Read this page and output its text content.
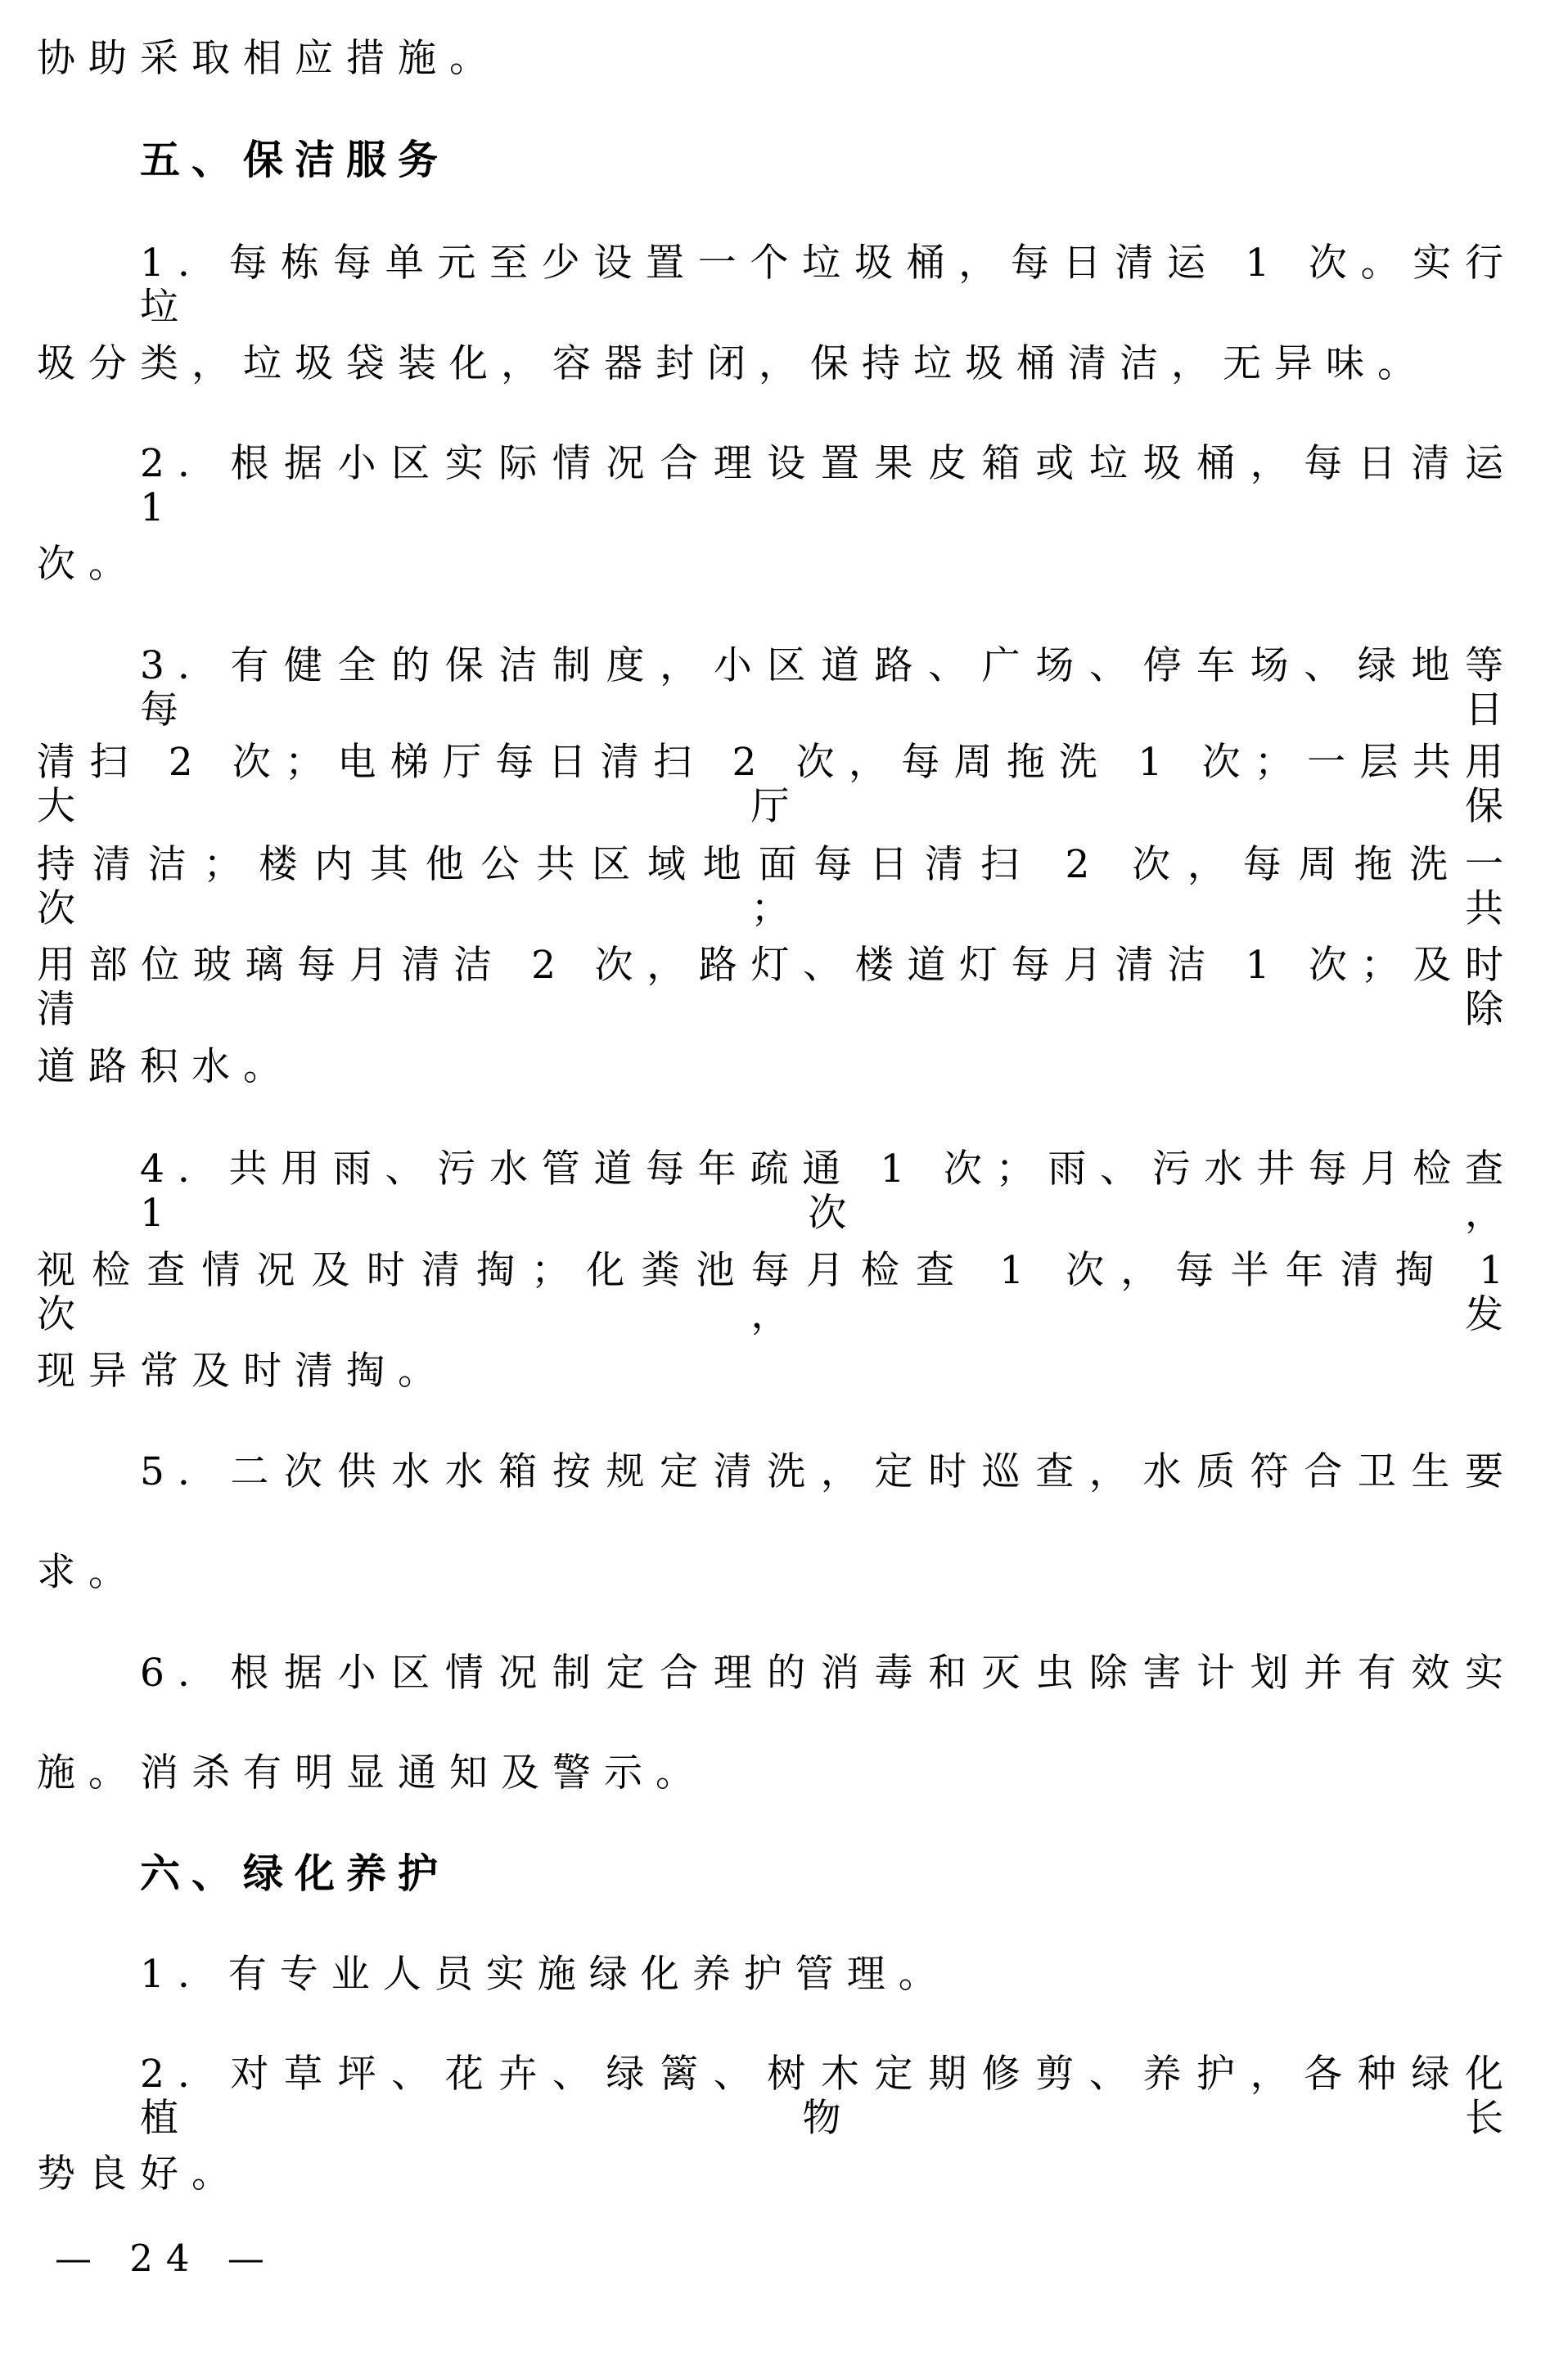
协助采取相应措施。
五、保洁服务
1. 每栋每单元至少设置一个垃圾桶，每日清运 1 次。实行垃
圾分类，垃圾袋装化，容器封闭，保持垃圾桶清洁，无异味。
2. 根据小区实际情况合理设置果皮箱或垃圾桶，每日清运 1
次。
3. 有健全的保洁制度，小区道路、广场、停车场、绿地等每日
清扫 2 次；电梯厅每日清扫 2 次，每周拖洗 1 次；一层共用大厅保
持清洁；楼内其他公共区域地面每日清扫 2 次，每周拖洗一次；共
用部位玻璃每月清洁 2 次，路灯、楼道灯每月清洁 1 次；及时清除
道路积水。
4. 共用雨、污水管道每年疏通 1 次；雨、污水井每月检查 1 次，
视检查情况及时清掏；化粪池每月检查 1 次，每半年清掏 1 次，发
现异常及时清掏。
5. 二次供水水箱按规定清洗，定时巡查，水质符合卫生要
求。
6. 根据小区情况制定合理的消毒和灭虫除害计划并有效实
施。消杀有明显通知及警示。
六、绿化养护
1. 有专业人员实施绿化养护管理。
2. 对草坪、花卉、绿篱、树木定期修剪、养护，各种绿化植物长
势良好。
— 24 —
